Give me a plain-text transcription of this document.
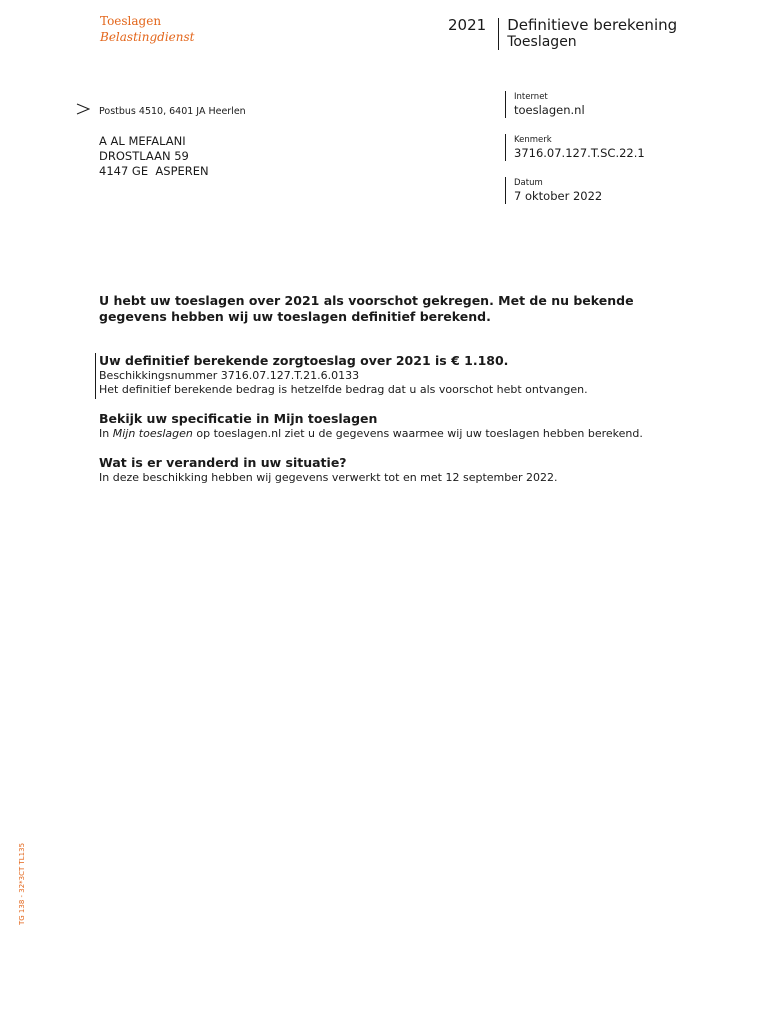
Toeslagen
Belastingdienst
2021 Definitieve berekening
Toeslagen
Postbus 4510, 6401 JA Heerlen
A AL MEFALANI
DROSTLAAN 59
4147 GE  ASPEREN
Internet
toeslagen.nl
Kenmerk
3716.07.127.T.SC.22.1
Datum
7 oktober 2022
U hebt uw toeslagen over 2021 als voorschot gekregen. Met de nu bekende gegevens hebben wij uw toeslagen definitief berekend.
Uw definitief berekende zorgtoeslag over 2021 is € 1.180.
Beschikkingsnummer 3716.07.127.T.21.6.0133
Het definitief berekende bedrag is hetzelfde bedrag dat u als voorschot hebt ontvangen.
Bekijk uw specificatie in Mijn toeslagen
In Mijn toeslagen op toeslagen.nl ziet u de gegevens waarmee wij uw toeslagen hebben berekend.
Wat is er veranderd in uw situatie?
In deze beschikking hebben wij gegevens verwerkt tot en met 12 september 2022.
TG 138 - 32*3CT TL135
